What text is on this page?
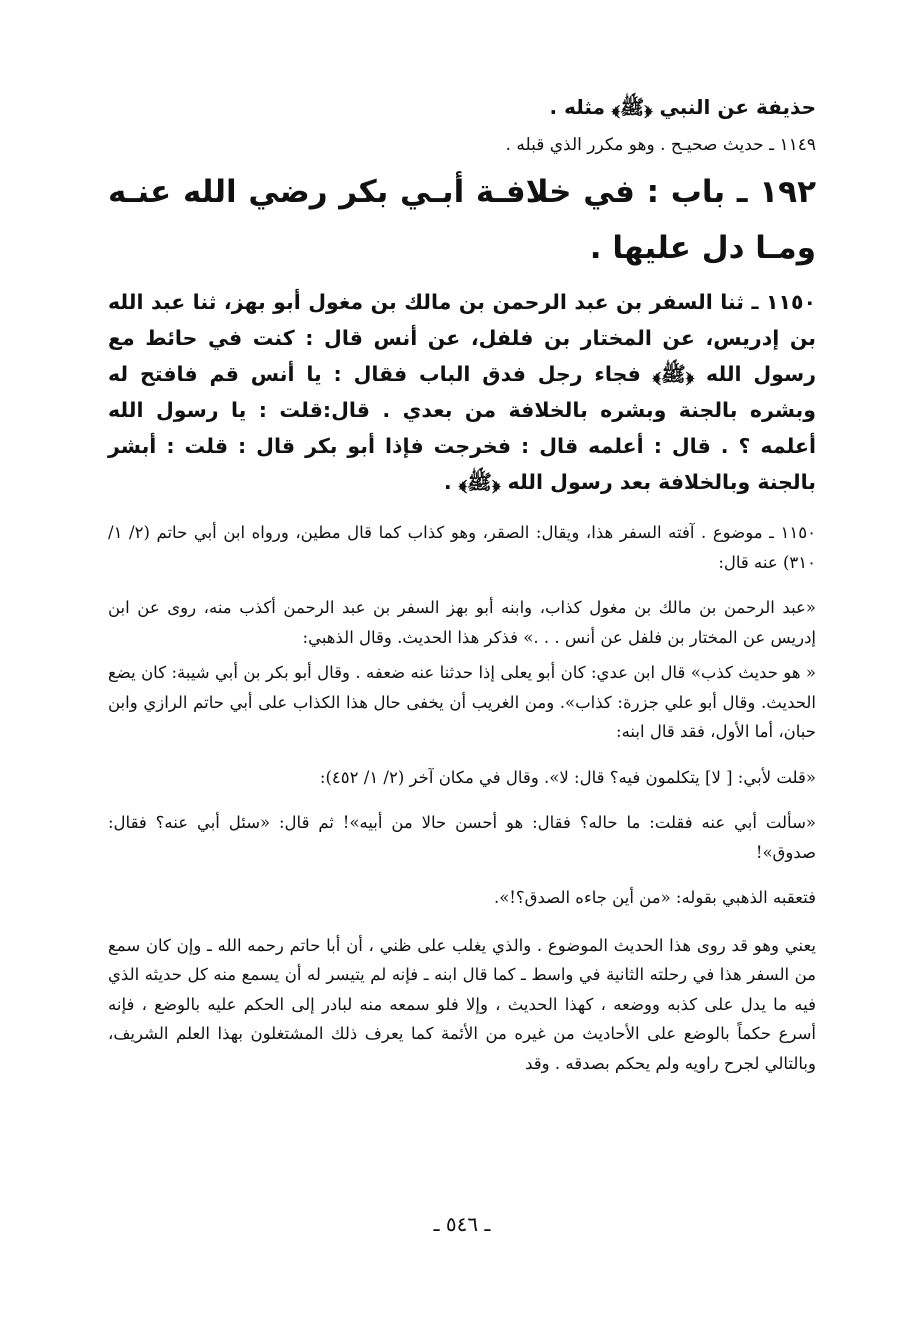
حذيفة عن النبي ﴿ﷺ﴾ مثله .
١١٤٩ ـ حديث صحيـح . وهو مكرر الذي قبله .
١٩٢ ـ باب : في خلافـة أبـي بكر رضي الله عنـه ومـا دل عليها .
١١٥٠ ـ ثنا السفر بن عبد الرحمن بن مالك بن مغول أبو بهز، ثنا عبد الله بن إدريس، عن المختار بن فلفل، عن أنس قال : كنت في حائط مع رسول الله ﴿ﷺ﴾ فجاء رجل فدق الباب فقال : يا أنس قم فافتح له وبشره بالجنة وبشره بالخلافة من بعدي . قال:قلت : يا رسول الله أعلمه ؟ . قال : أعلمه قال : فخرجت فإذا أبو بكر قال : قلت : أبشر بالجنة وبالخلافة بعد رسول الله ﴿ﷺ﴾ .
١١٥٠ ـ موضوع . آفته السفر هذا، ويقال: الصقر، وهو كذاب كما قال مطين، ورواه ابن أبي حاتم (٢/ ١/ ٣١٠) عنه قال:
«عبد الرحمن بن مالك بن مغول كذاب، وابنه أبو بهز السفر بن عبد الرحمن أكذب منه، روى عن ابن إدريس عن المختار بن فلفل عن أنس . . .» فذكر هذا الحديث. وقال الذهبي:
« هو حديث كذب» قال ابن عدي: كان أبو يعلى إذا حدثنا عنه ضعفه . وقال أبو بكر بن أبي شيبة: كان يضع الحديث. وقال أبو علي جزرة: كذاب». ومن الغريب أن يخفى حال هذا الكذاب على أبي حاتم الرازي وابن حبان، أما الأول، فقد قال ابنه:
«قلت لأبي: [ لا] يتكلمون فيه؟ قال: لا». وقال في مكان آخر (٢/ ١/ ٤٥٢):
«سألت أبي عنه فقلت: ما حاله؟ فقال: هو أحسن حالا من أبيه»! ثم قال: «سئل أبي عنه؟ فقال: صدوق»!
فتعقبه الذهبي بقوله: «من أين جاءه الصدق؟!».
يعني وهو قد روى هذا الحديث الموضوع . والذي يغلب على ظني ، أن أبا حاتم رحمه الله ـ وإن كان سمع من السفر هذا في رحلته الثانية في واسط ـ كما قال ابنه ـ فإنه لم يتيسر له أن يسمع منه كل حديثه الذي فيه ما يدل على كذبه ووضعه ، كهذا الحديث ، وإلا فلو سمعه منه لبادر إلى الحكم عليه بالوضع ، فإنه أسرع حكماً بالوضع على الأحاديث من غيره من الأئمة كما يعرف ذلك المشتغلون بهذا العلم الشريف، وبالتالي لجرح راويه ولم يحكم بصدقه . وقد
ـ ٥٤٦ ـ
